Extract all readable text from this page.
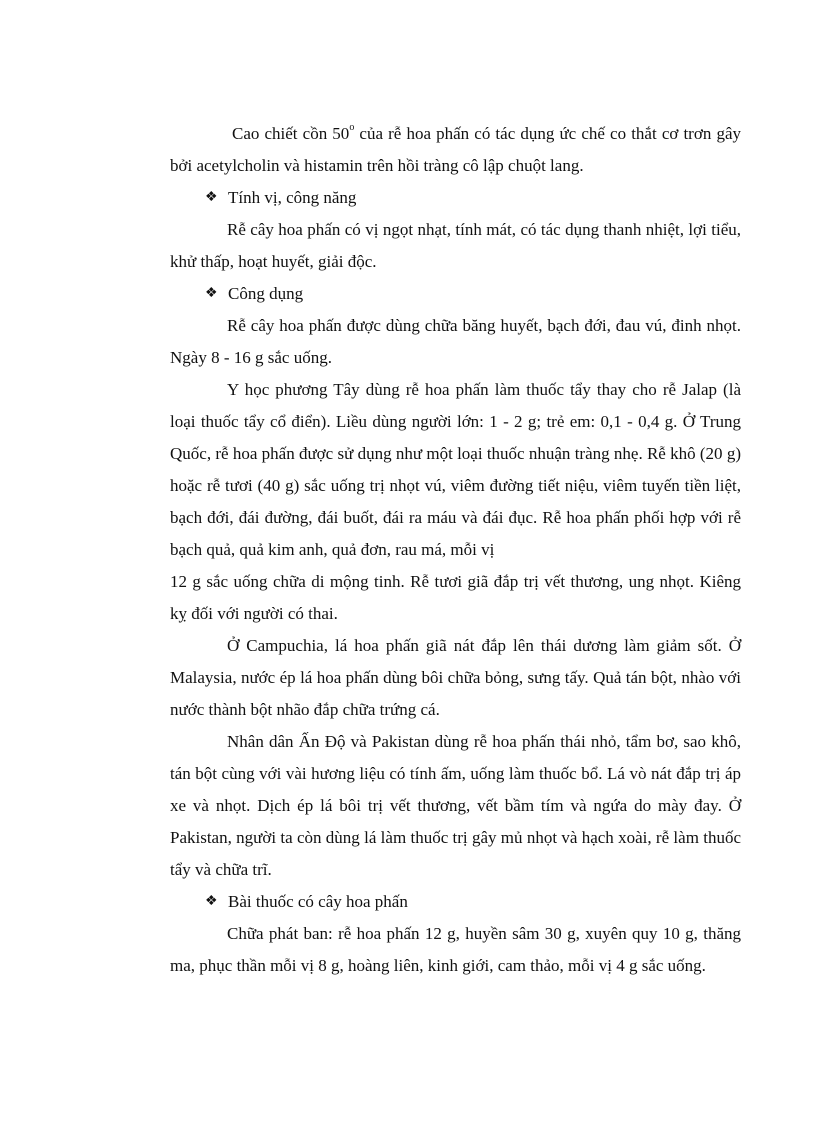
Cao chiết cồn 50$^o$ của rễ hoa phấn có tác dụng ức chế co thắt cơ trơn gây bởi acetylcholin và histamin trên hồi tràng cô lập chuột lang.

❖ Tính vị, công năng

Rễ cây hoa phấn có vị ngọt nhạt, tính mát, có tác dụng thanh nhiệt, lợi tiểu, khử thấp, hoạt huyết, giải độc.

❖ Công dụng

Rễ cây hoa phấn được dùng chữa băng huyết, bạch đới, đau vú, đinh nhọt. Ngày 8 - 16 g sắc uống.

Y học phương Tây dùng rễ hoa phấn làm thuốc tẩy thay cho rễ Jalap (là loại thuốc tẩy cổ điển). Liều dùng người lớn: 1 - 2 g; trẻ em: 0,1 - 0,4 g. Ở Trung Quốc, rễ hoa phấn được sử dụng như một loại thuốc nhuận tràng nhẹ. Rễ khô (20 g) hoặc rễ tươi (40 g) sắc uống trị nhọt vú, viêm đường tiết niệu, viêm tuyến tiền liệt, bạch đới, đái đường, đái buốt, đái ra máu và đái đục. Rễ hoa phấn phối hợp với rễ bạch quả, quả kim anh, quả đơn, rau má, mỗi vị

12 g sắc uống chữa di mộng tinh. Rễ tươi giã đắp trị vết thương, ung nhọt. Kiêng kỵ đối với người có thai.

Ở Campuchia, lá hoa phấn giã nát đắp lên thái dương làm giảm sốt. Ở Malaysia, nước ép lá hoa phấn dùng bôi chữa bỏng, sưng tấy. Quả tán bột, nhào với nước thành bột nhão đắp chữa trứng cá.

Nhân dân Ấn Độ và Pakistan dùng rễ hoa phấn thái nhỏ, tẩm bơ, sao khô, tán bột cùng với vài hương liệu có tính ấm, uống làm thuốc bổ. Lá vò nát đắp trị áp xe và nhọt. Dịch ép lá bôi trị vết thương, vết bầm tím và ngứa do mày đay. Ở Pakistan, người ta còn dùng lá làm thuốc trị gây mủ nhọt và hạch xoài, rễ làm thuốc tẩy và chữa trĩ.

❖ Bài thuốc có cây hoa phấn

Chữa phát ban: rễ hoa phấn 12 g, huyền sâm 30 g, xuyên quy 10 g, thăng ma, phục thần mỗi vị 8 g, hoàng liên, kinh giới, cam thảo, mỗi vị 4 g sắc uống.
